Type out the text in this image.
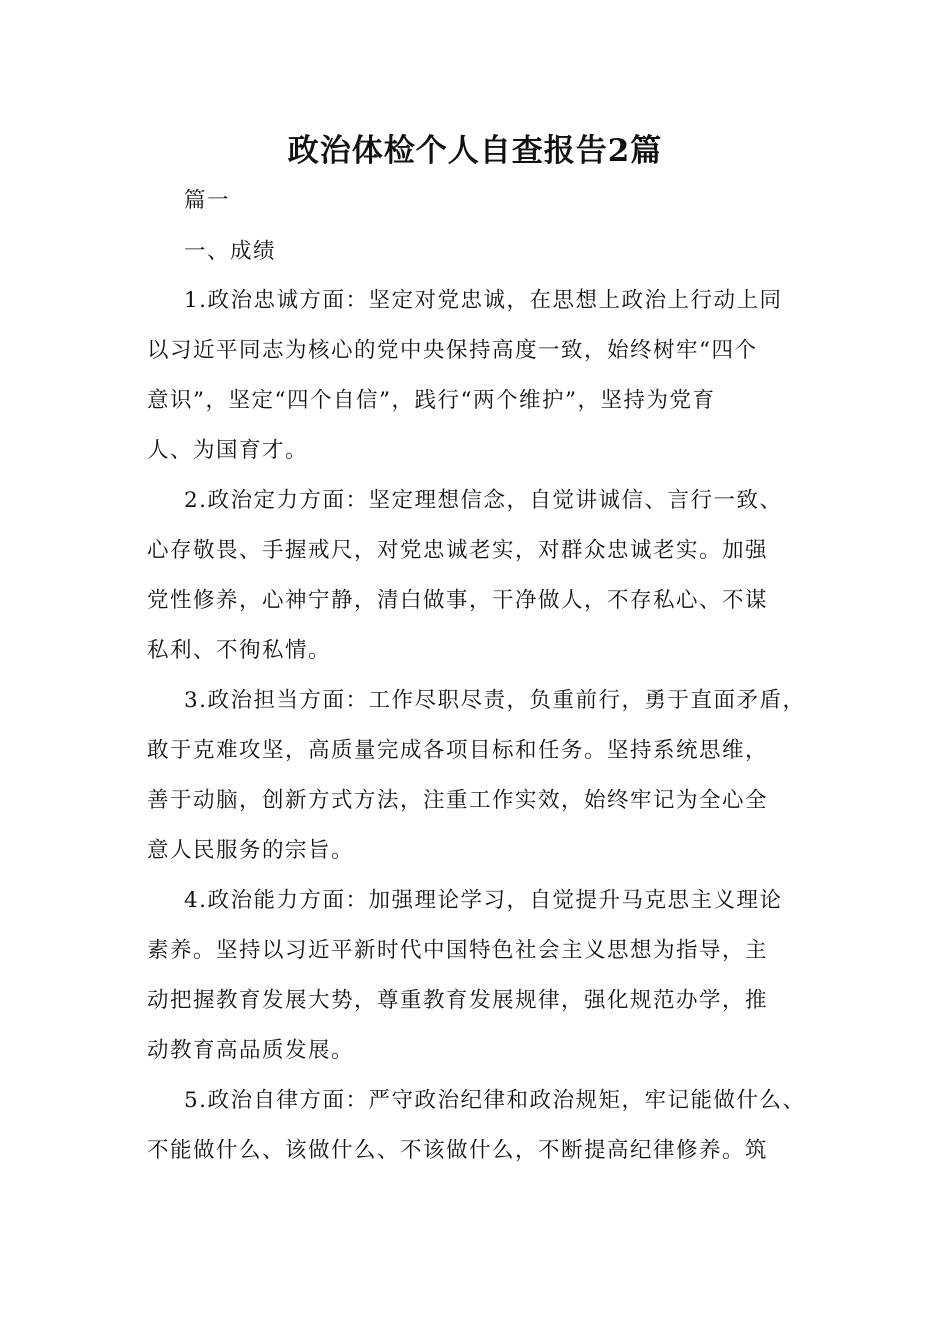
政治体检个人自查报告2篇
篇一
一、成绩
1.政治忠诚方面：坚定对党忠诚，在思想上政治上行动上同
以习近平同志为核心的党中央保持高度一致，始终树牢“四个
意识”，坚定“四个自信”，践行“两个维护”，坚持为党育
人、为国育才。
2.政治定力方面：坚定理想信念，自觉讲诚信、言行一致、
心存敬畏、手握戒尺，对党忠诚老实，对群众忠诚老实。加强
党性修养，心神宁静，清白做事，干净做人，不存私心、不谋
私利、不徇私情。
3.政治担当方面：工作尽职尽责，负重前行，勇于直面矛盾，
敢于克难攻坚，高质量完成各项目标和任务。坚持系统思维，
善于动脑，创新方式方法，注重工作实效，始终牢记为全心全
意人民服务的宗旨。
4.政治能力方面：加强理论学习，自觉提升马克思主义理论
素养。坚持以习近平新时代中国特色社会主义思想为指导，主
动把握教育发展大势，尊重教育发展规律，强化规范办学，推
动教育高品质发展。
5.政治自律方面：严守政治纪律和政治规矩，牢记能做什么、
不能做什么、该做什么、不该做什么，不断提高纪律修养。筑
